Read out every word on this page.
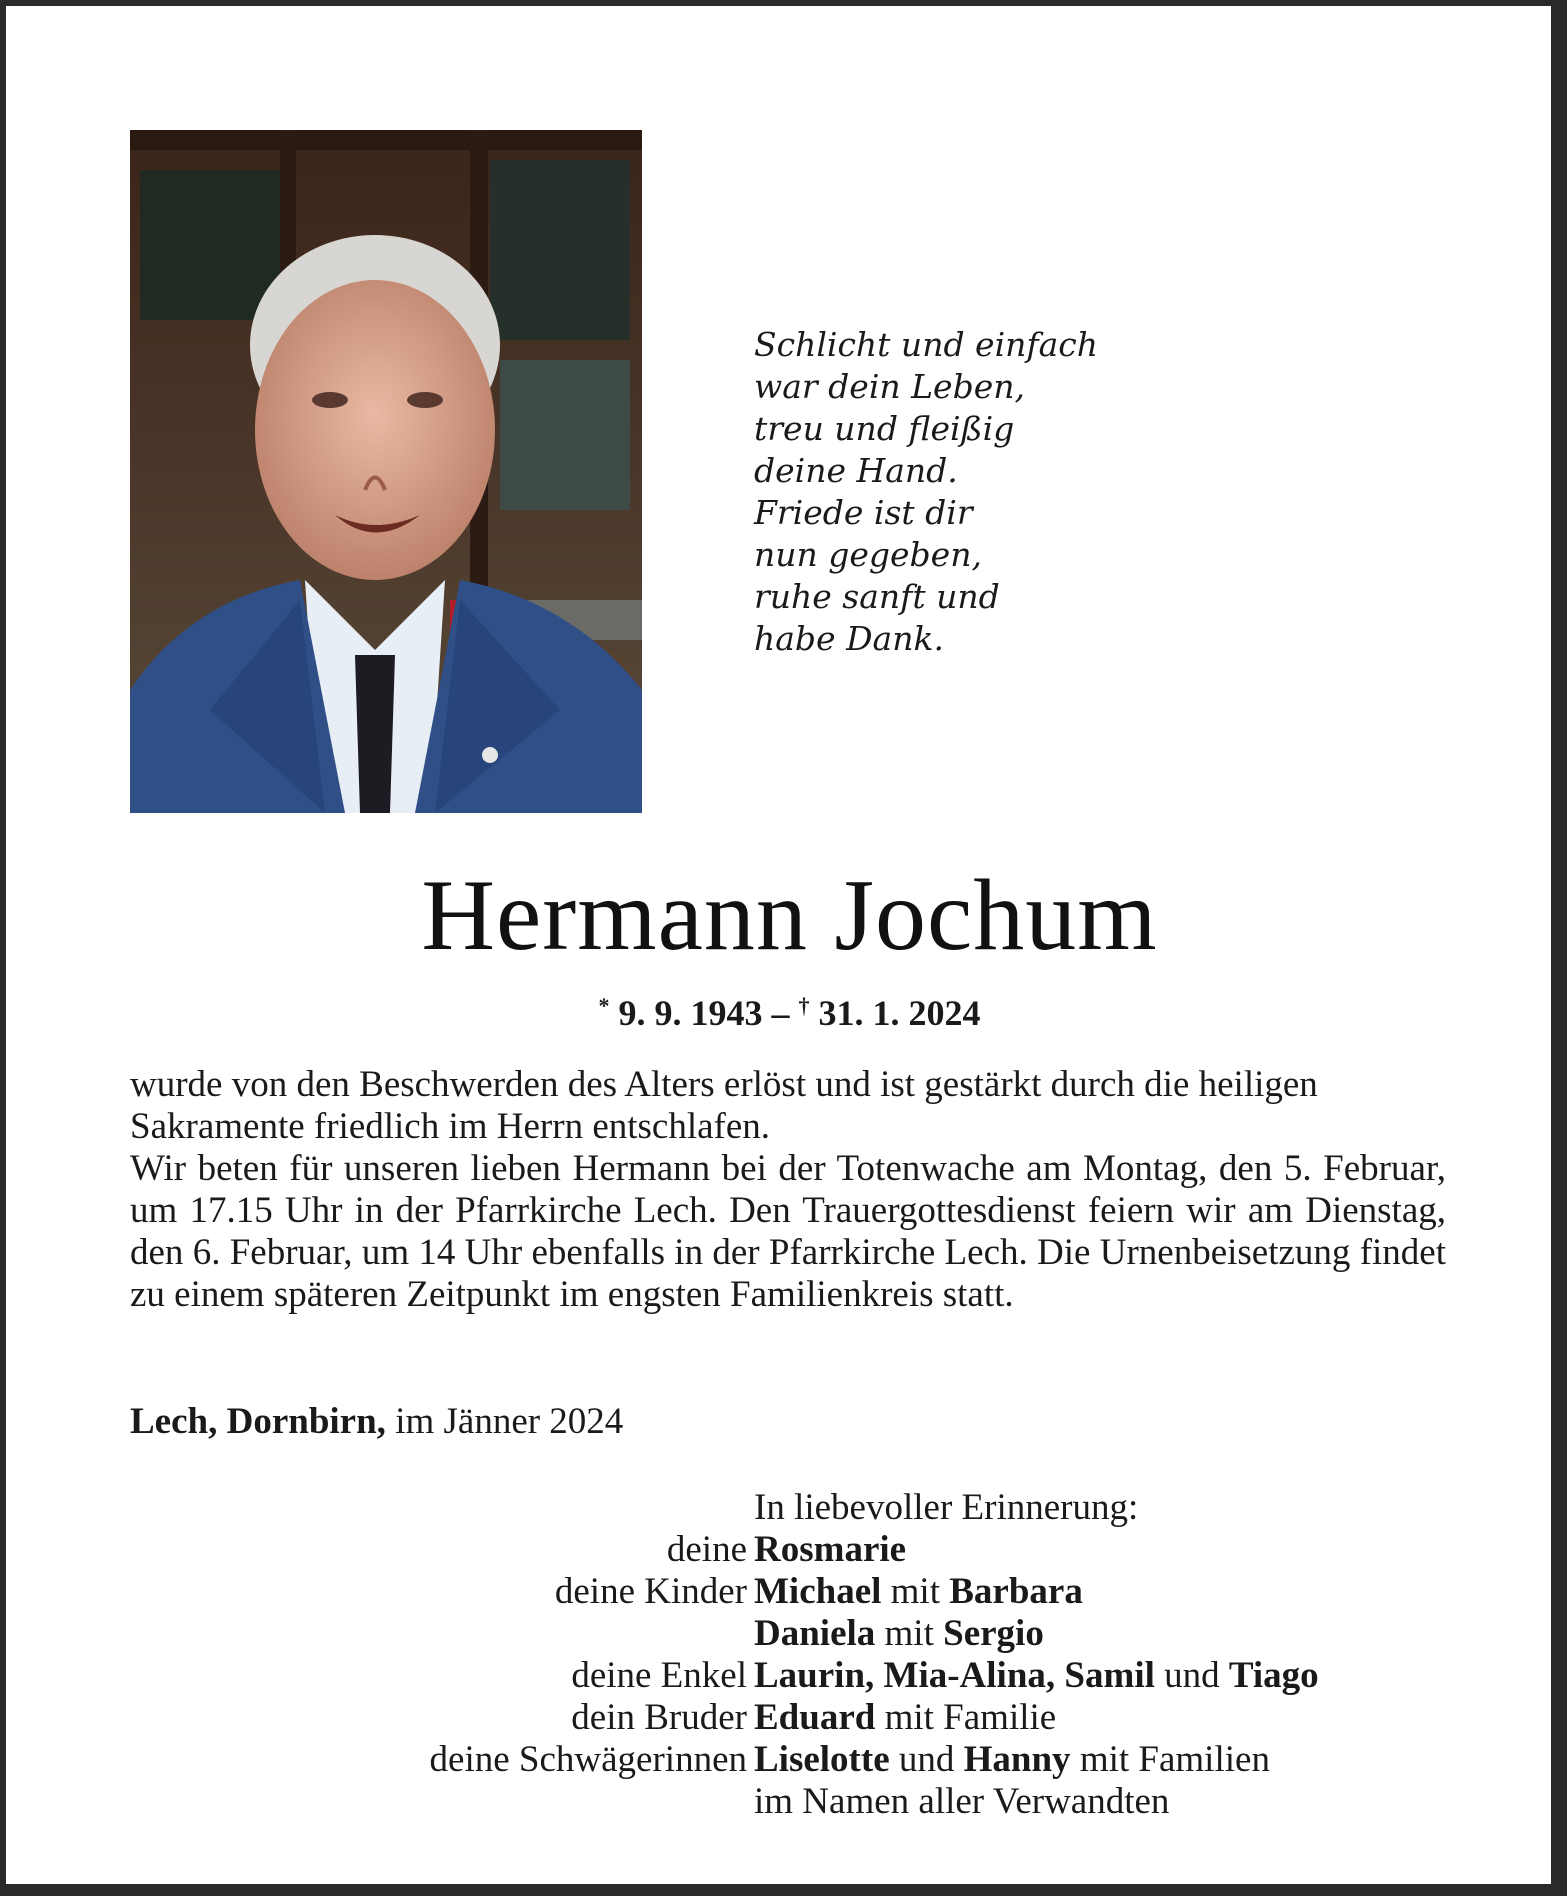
Schlicht und einfach
war dein Leben,
treu und fleißig
deine Hand.
Friede ist dir
nun gegeben,
ruhe sanft und
habe Dank.
Hermann Jochum
* 9. 9. 1943 – † 31. 1. 2024

wurde von den Beschwerden des Alters erlöst und ist gestärkt durch die heiligen Sakramente friedlich im Herrn entschlafen.

Wir beten für unseren lieben Hermann bei der Totenwache am Montag, den 5. Februar, um 17.15 Uhr in der Pfarrkirche Lech. Den Trauergottesdienst feiern wir am Dienstag, den 6. Februar, um 14 Uhr ebenfalls in der Pfarrkirche Lech. Die Urnenbeisetzung findet zu einem späteren Zeitpunkt im engsten Familienkreis statt.

Lech, Dornbirn, im Jänner 2024
In liebevoller Erinnerung:
deine Rosmarie
deine Kinder Michael mit Barbara
Daniela mit Sergio
deine Enkel Laurin, Mia-Alina, Samil und Tiago
dein Bruder Eduard mit Familie
deine Schwägerinnen Liselotte und Hanny mit Familien
im Namen aller Verwandten
